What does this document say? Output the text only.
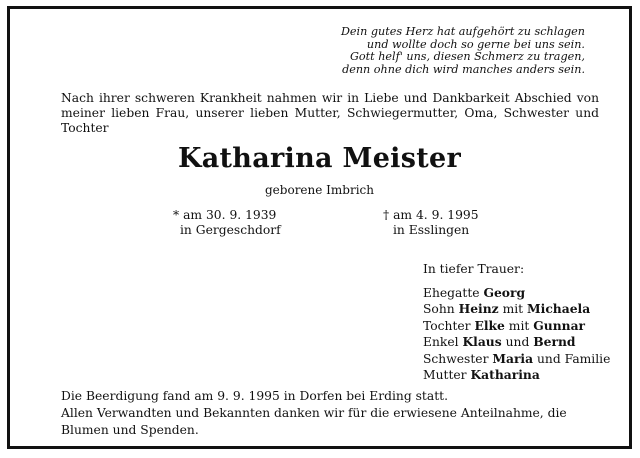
Dein gutes Herz hat aufgehört zu schlagen
und wollte doch so gerne bei uns sein.
Gott helf' uns, diesen Schmerz zu tragen,
denn ohne dich wird manches anders sein.
Nach ihrer schweren Krankheit nahmen wir in Liebe und Dankbarkeit Abschied von meiner lieben Frau, unserer lieben Mutter, Schwiegermutter, Oma, Schwester und Tochter
Katharina Meister
geborene Imbrich
* am 30. 9. 1939
in Gergeschdorf
† am 4. 9. 1995
in Esslingen
In tiefer Trauer:
Ehegatte Georg
Sohn Heinz mit Michaela
Tochter Elke mit Gunnar
Enkel Klaus und Bernd
Schwester Maria und Familie
Mutter Katharina

Die Beerdigung fand am 9. 9. 1995 in Dorfen bei Erding statt.

Allen Verwandten und Bekannten danken wir für die erwiesene Anteilnahme, die Blumen und Spenden.
